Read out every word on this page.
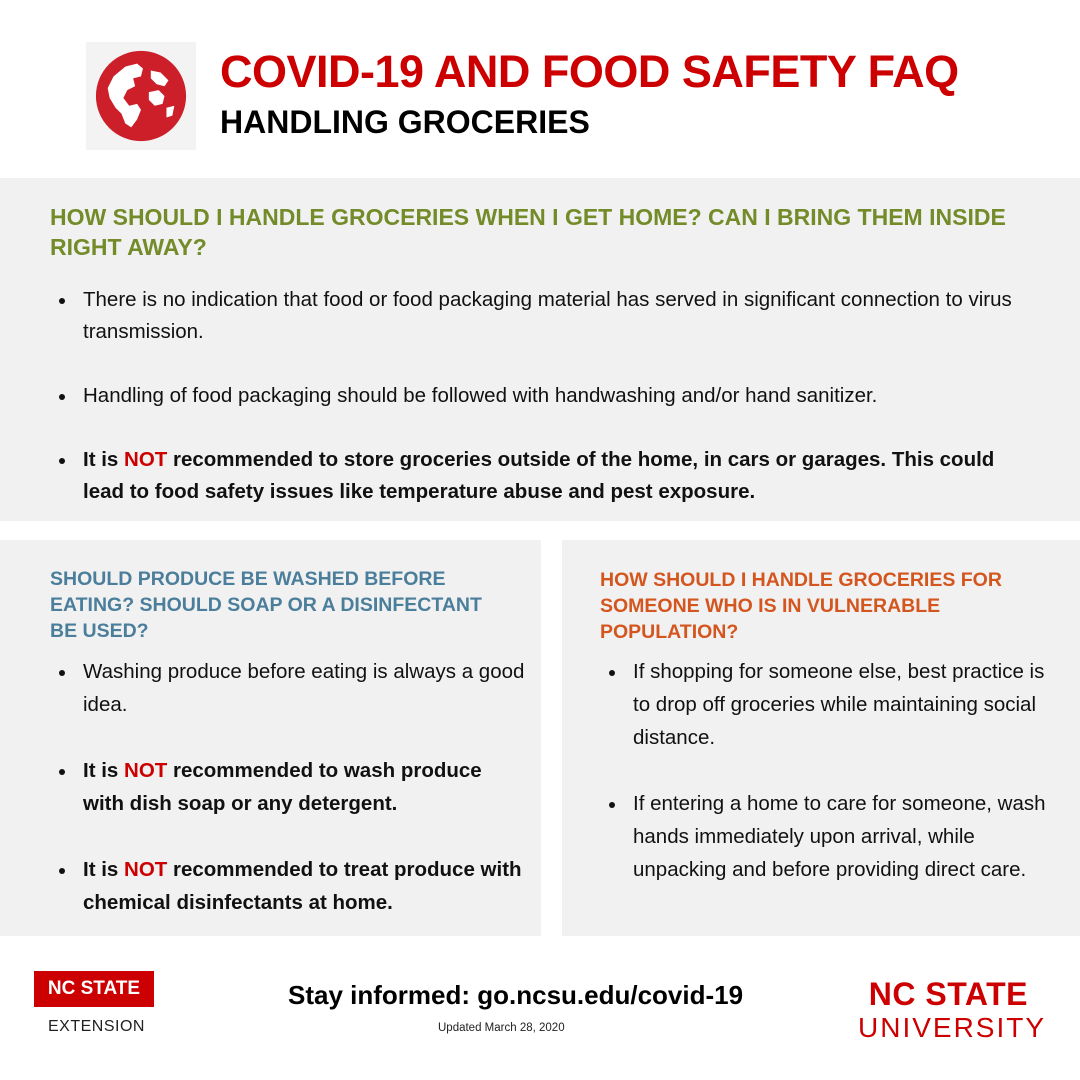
COVID-19 AND FOOD SAFETY FAQ
HANDLING GROCERIES
HOW SHOULD I HANDLE GROCERIES WHEN I GET HOME? CAN I BRING THEM INSIDE RIGHT AWAY?
There is no indication that food or food packaging material has served in significant connection to virus transmission.
Handling of food packaging should be followed with handwashing and/or hand sanitizer.
It is NOT recommended to store groceries outside of the home, in cars or garages. This could lead to food safety issues like temperature abuse and pest exposure.
SHOULD PRODUCE BE WASHED BEFORE EATING? SHOULD SOAP OR A DISINFECTANT BE USED?
Washing produce before eating is always a good idea.
It is NOT recommended to wash produce with dish soap or any detergent.
It is NOT recommended to treat produce with chemical disinfectants at home.
HOW SHOULD I HANDLE GROCERIES FOR SOMEONE WHO IS IN VULNERABLE POPULATION?
If shopping for someone else, best practice is to drop off groceries while maintaining social distance.
If entering a home to care for someone, wash hands immediately upon arrival, while unpacking and before providing direct care.
NC STATE
EXTENSION
Stay informed: go.ncsu.edu/covid-19
Updated March 28, 2020
NC STATE
UNIVERSITY
